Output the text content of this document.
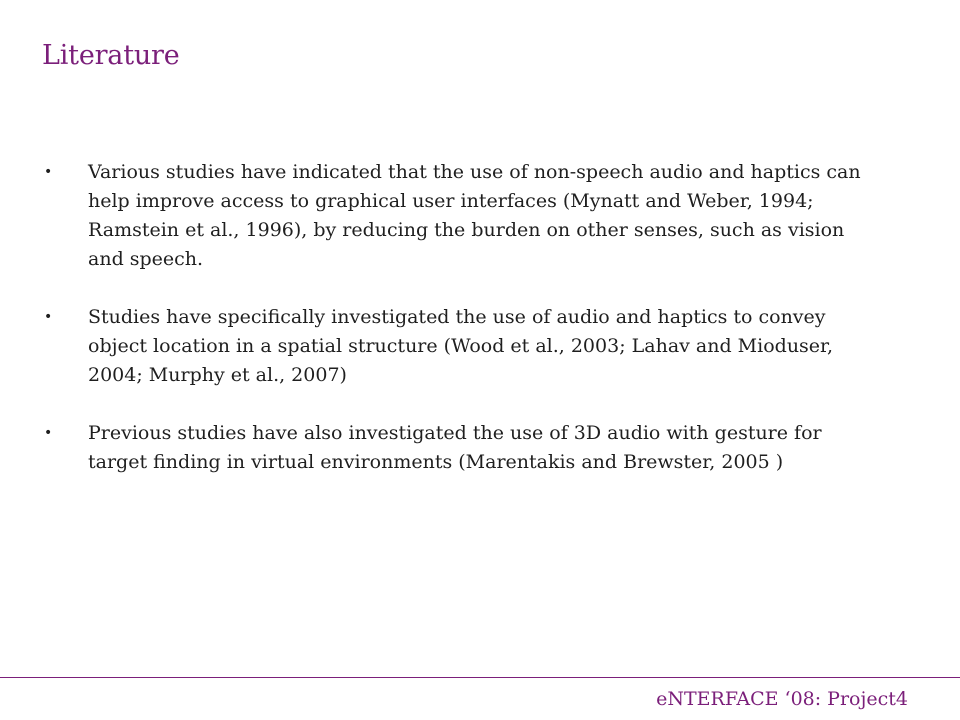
Literature
•	Various studies have indicated that the use of non-speech audio and haptics can help improve access to graphical user interfaces (Mynatt and Weber, 1994; Ramstein et al., 1996), by reducing the burden on other senses, such as vision and speech.
•	Studies have specifically investigated the use of audio and haptics to convey object location in a spatial structure (Wood et al., 2003; Lahav and Mioduser, 2004; Murphy et al., 2007)
•	Previous studies have also investigated the use of 3D audio with gesture for target finding in virtual environments (Marentakis and Brewster, 2005 )
eNTERFACE ‘08: Project4
